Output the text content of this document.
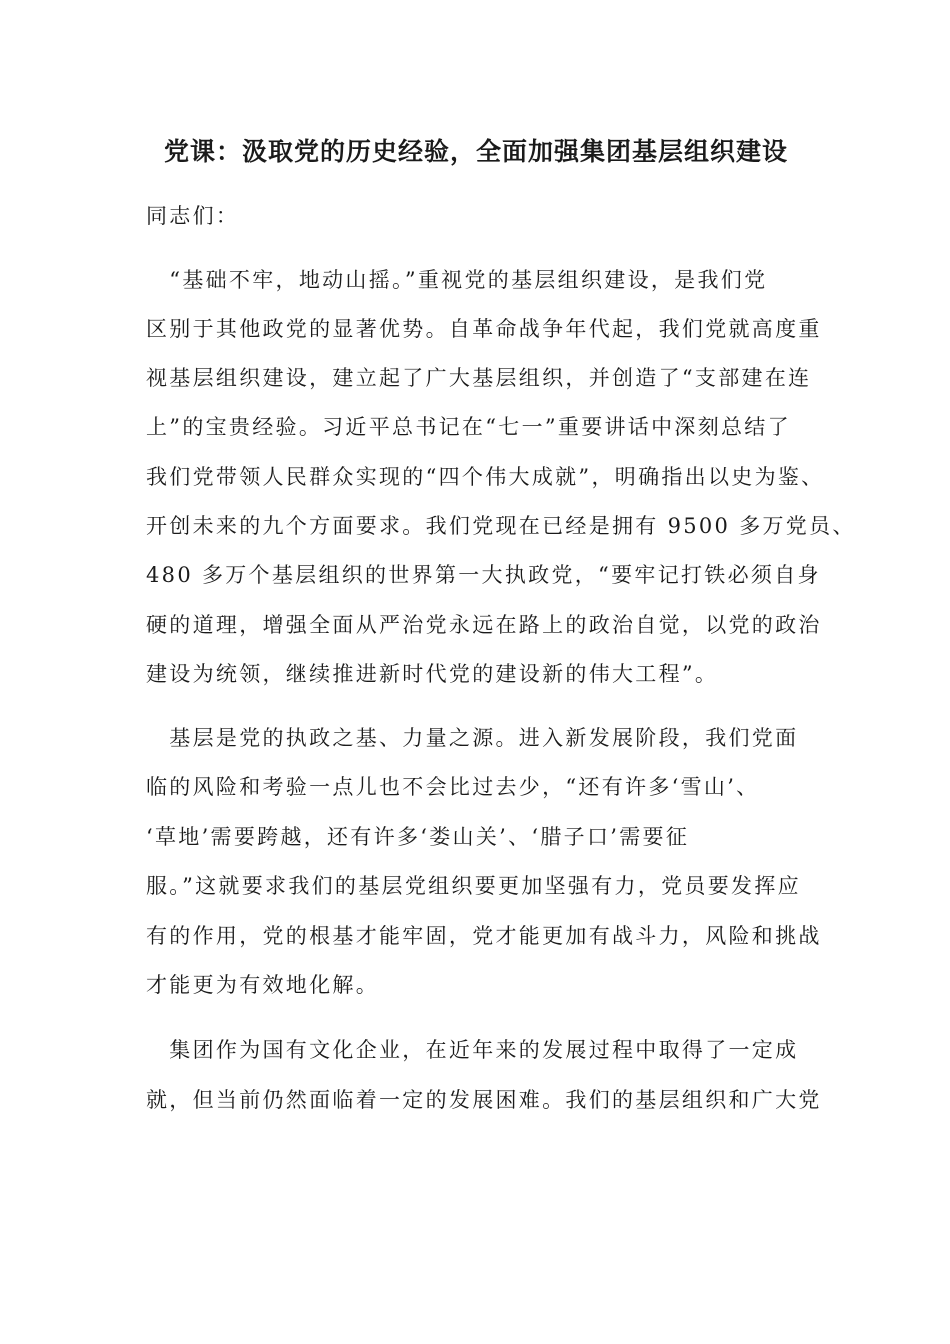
党课：汲取党的历史经验，全面加强集团基层组织建设

同志们：

　“基础不牢，地动山摇。”重视党的基层组织建设，是我们党

区别于其他政党的显著优势。自革命战争年代起，我们党就高度重

视基层组织建设，建立起了广大基层组织，并创造了“支部建在连

上”的宝贵经验。习近平总书记在“七一”重要讲话中深刻总结了

我们党带领人民群众实现的“四个伟大成就”，明确指出以史为鉴、

开创未来的九个方面要求。我们党现在已经是拥有 9500 多万党员、

480 多万个基层组织的世界第一大执政党，“要牢记打铁必须自身

硬的道理，增强全面从严治党永远在路上的政治自觉，以党的政治

建设为统领，继续推进新时代党的建设新的伟大工程”。

　基层是党的执政之基、力量之源。进入新发展阶段，我们党面

临的风险和考验一点儿也不会比过去少，“还有许多‘雪山’、

‘草地’需要跨越，还有许多‘娄山关’、‘腊子口’需要征

服。”这就要求我们的基层党组织要更加坚强有力，党员要发挥应

有的作用，党的根基才能牢固，党才能更加有战斗力，风险和挑战

才能更为有效地化解。

　集团作为国有文化企业，在近年来的发展过程中取得了一定成

就，但当前仍然面临着一定的发展困难。我们的基层组织和广大党
